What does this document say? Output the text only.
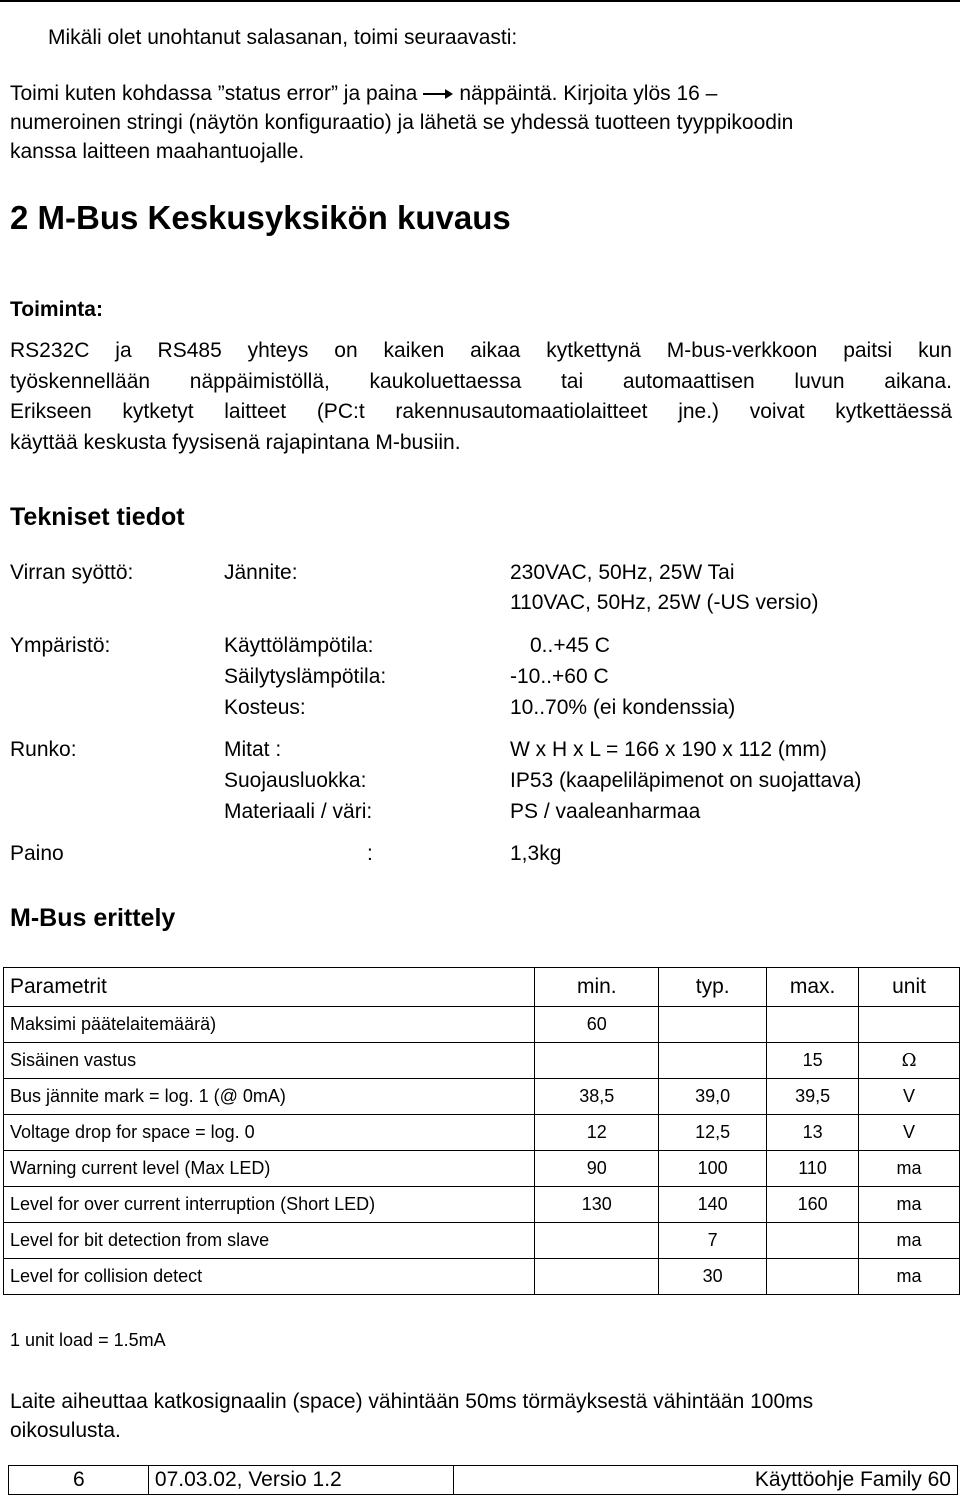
Mikäli olet unohtanut salasanan, toimi seuraavasti:
Toimi kuten kohdassa ”status error” ja paina näppäintä. Kirjoita ylös 16 –
numeroinen stringi (näytön konfiguraatio) ja lähetä se yhdessä tuotteen tyyppikoodin
kanssa laitteen maahantuojalle.
2 M-Bus Keskusyksikön kuvaus
Toiminta:
RS232C ja RS485 yhteys on kaiken aikaa kytkettynä M-bus-verkkoon paitsi kun
työskennellään näppäimistöllä, kaukoluettaessa tai automaattisen luvun aikana.
Erikseen kytketyt laitteet (PC:t rakennusautomaatiolaitteet jne.) voivat kytkettäessä
käyttää keskusta fyysisenä rajapintana M-busiin.
Tekniset tiedot
Virran syöttö:	Jännite:	230VAC, 50Hz, 25W Tai
110VAC, 50Hz, 25W (-US versio)
Ympäristö:	Käyttölämpötila:	0..+45 C
Säilytyslämpötila:	-10..+60 C
Kosteus:	10..70% (ei kondenssia)
Runko:	Mitat :	W x H x L = 166 x 190 x 112 (mm)
Suojausluokka:	IP53 (kaapeliläpimenot on suojattava)
Materiaali / väri:	PS / vaaleanharmaa
Paino	:	1,3kg
M-Bus erittely
Parametrit	min.	typ.	max.	unit
Maksimi päätelaitemäärä)	60			
Sisäinen vastus			15	Ω
Bus jännite mark = log. 1 (@ 0mA)	38,5	39,0	39,5	V
Voltage drop for space = log. 0	12	12,5	13	V
Warning current level (Max LED)	90	100	110	ma
Level for over current interruption (Short LED)	130	140	160	ma
Level for bit detection from slave		7		ma
Level for collision detect		30		ma
1 unit load = 1.5mA
Laite aiheuttaa katkosignaalin (space) vähintään 50ms törmäyksestä vähintään 100ms
oikosulusta.
6	07.03.02, Versio 1.2	Käyttöohje Family 60
